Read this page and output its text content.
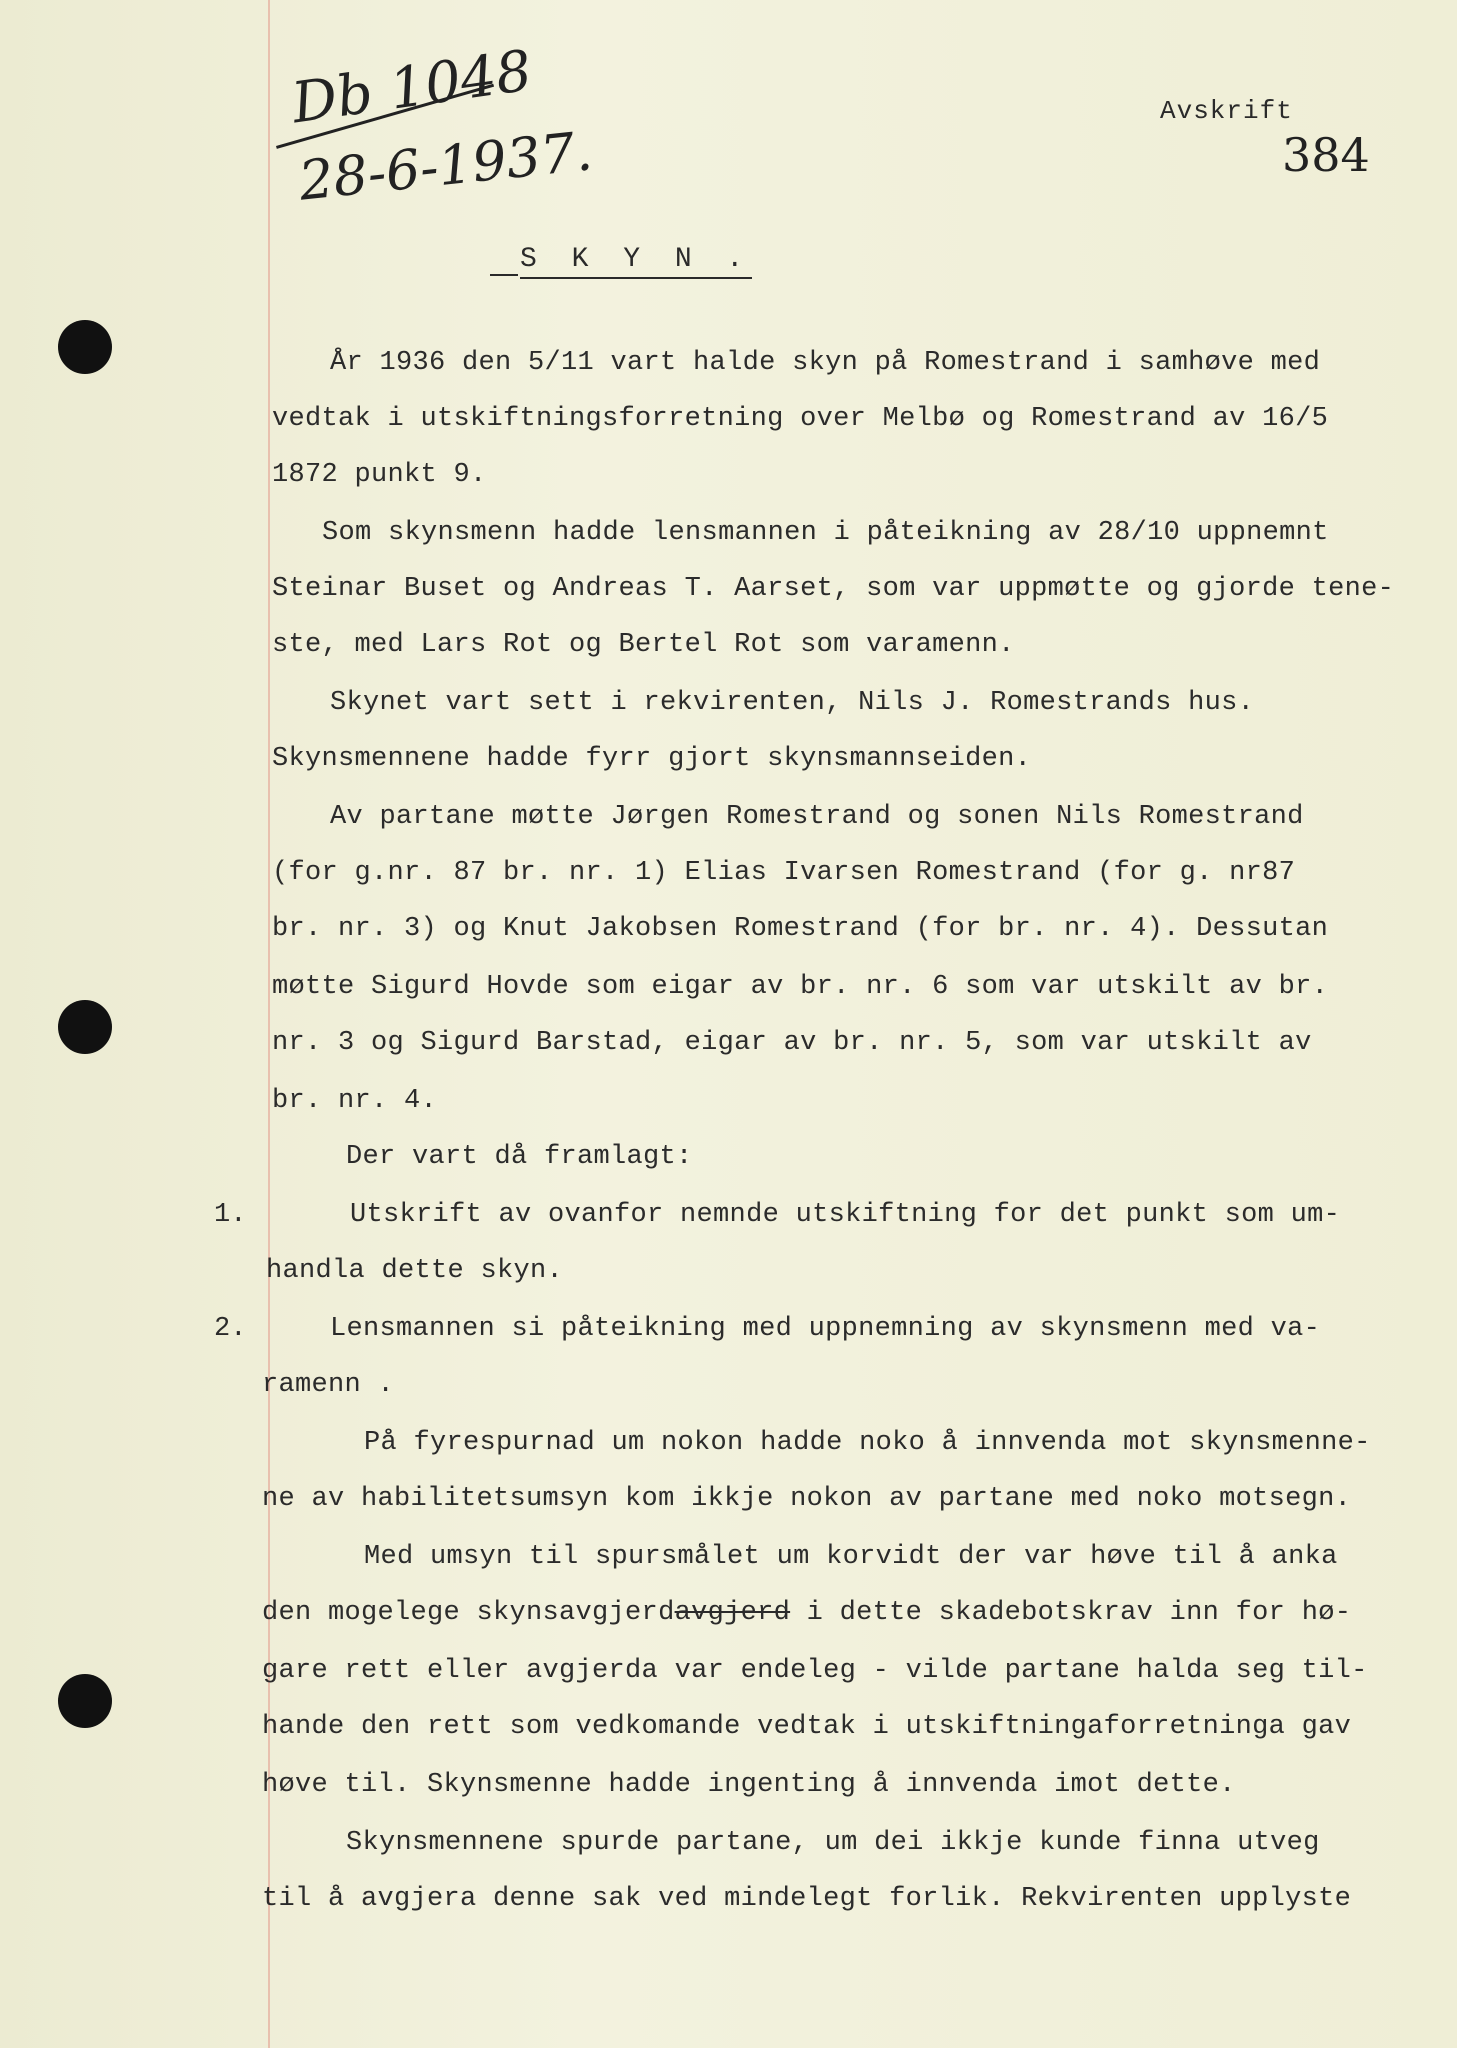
Db 1048
28-6-1937.
Avskrift
384
S K Y N .
År 1936 den 5/11 vart halde skyn på Romestrand i samhøve med
vedtak i utskiftningsforretning over Melbø og Romestrand av 16/5
1872 punkt 9.
Som skynsmenn hadde lensmannen i påteikning av 28/10 uppnemnt
Steinar Buset og Andreas T. Aarset, som var uppmøtte og gjorde tene-
ste, med Lars Rot og Bertel Rot som varamenn.
Skynet vart sett i rekvirenten, Nils J. Romestrands hus.
Skynsmennene hadde fyrr gjort skynsmannseiden.
Av partane møtte Jørgen Romestrand og sonen Nils Romestrand
(for g.nr. 87 br. nr. 1) Elias Ivarsen Romestrand (for g. nr87
br. nr. 3) og Knut Jakobsen Romestrand (for br. nr. 4). Dessutan
møtte Sigurd Hovde som eigar av br. nr. 6 som var utskilt av br.
nr. 3 og Sigurd Barstad, eigar av br. nr. 5, som var utskilt av
br. nr. 4.
Der vart då framlagt:
1.	Utskrift av ovanfor nemnde utskiftning for det punkt som um-
handla dette skyn.
2.	Lensmannen si påteikning med uppnemning av skynsmenn med va-
ramenn .
På fyrespurnad um nokon hadde noko å innvenda mot skynsmenne-
ne av habilitetsumsyn kom ikkje nokon av partane med noko motsegn.
Med umsyn til spursmålet um korvidt der var høve til å anka
den mogelege skynsavgjerdavgjerd i dette skadebotskrav inn for hø-
gare rett eller avgjerda var endeleg - vilde partane halda seg til-
hande den rett som vedkomande vedtak i utskiftningaforretninga gav
høve til. Skynsmenne hadde ingenting å innvenda imot dette.
Skynsmennene spurde partane, um dei ikkje kunde finna utveg
til å avgjera denne sak ved mindelegt forlik. Rekvirenten upplyste
